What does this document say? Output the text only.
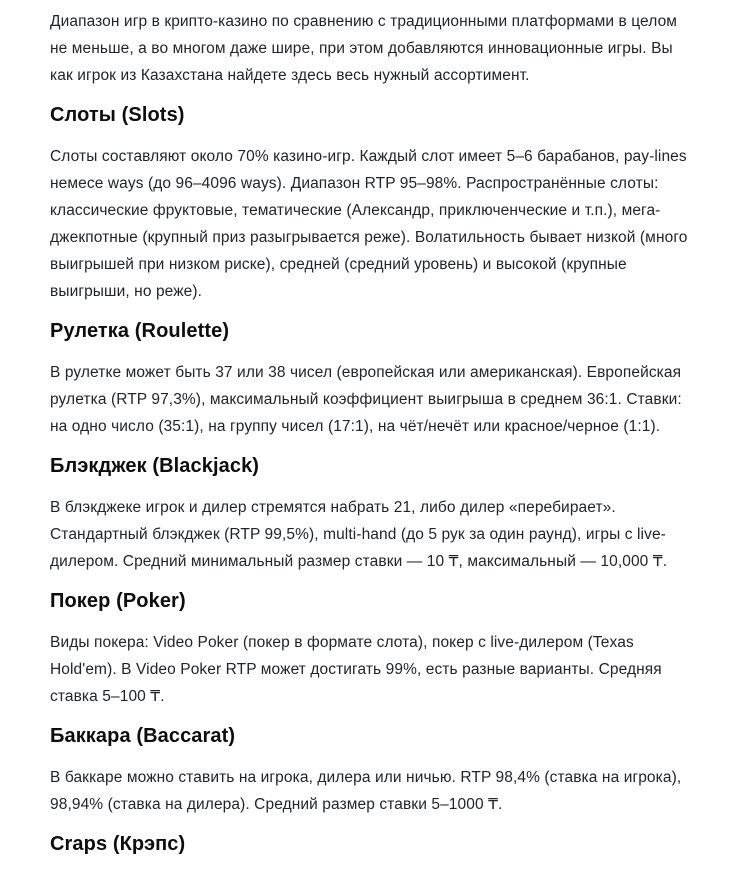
Диапазон игр в крипто-казино по сравнению с традиционными платформами в целом не меньше, а во многом даже шире, при этом добавляются инновационные игры. Вы как игрок из Казахстана найдете здесь весь нужный ассортимент.

Слоты (Slots)

Слоты составляют около 70% казино-игр. Каждый слот имеет 5–6 барабанов, pay-lines немесе ways (до 96–4096 ways). Диапазон RTP 95–98%. Распространённые слоты: классические фруктовые, тематические (Александр, приключенческие и т.п.), мега-джекпотные (крупный приз разыгрывается реже). Волатильность бывает низкой (много выигрышей при низком риске), средней (средний уровень) и высокой (крупные выигрыши, но реже).

Рулетка (Roulette)

В рулетке может быть 37 или 38 чисел (европейская или американская). Европейская рулетка (RTP 97,3%), максимальный коэффициент выигрыша в среднем 36:1. Ставки: на одно число (35:1), на группу чисел (17:1), на чёт/нечёт или красное/черное (1:1).

Блэкджек (Blackjack)

В блэкджеке игрок и дилер стремятся набрать 21, либо дилер «перебирает». Стандартный блэкджек (RTP 99,5%), multi-hand (до 5 рук за один раунд), игры с live-дилером. Средний минимальный размер ставки — 10 ₸, максимальный — 10,000 ₸.

Покер (Poker)

Виды покера: Video Poker (покер в формате слота), покер с live-дилером (Texas Hold'em). В Video Poker RTP может достигать 99%, есть разные варианты. Средняя ставка 5–100 ₸.

Баккара (Baccarat)

В баккаре можно ставить на игрока, дилера или ничью. RTP 98,4% (ставка на игрока), 98,94% (ставка на дилера). Средний размер ставки 5–1000 ₸.

Craps (Крэпс)
